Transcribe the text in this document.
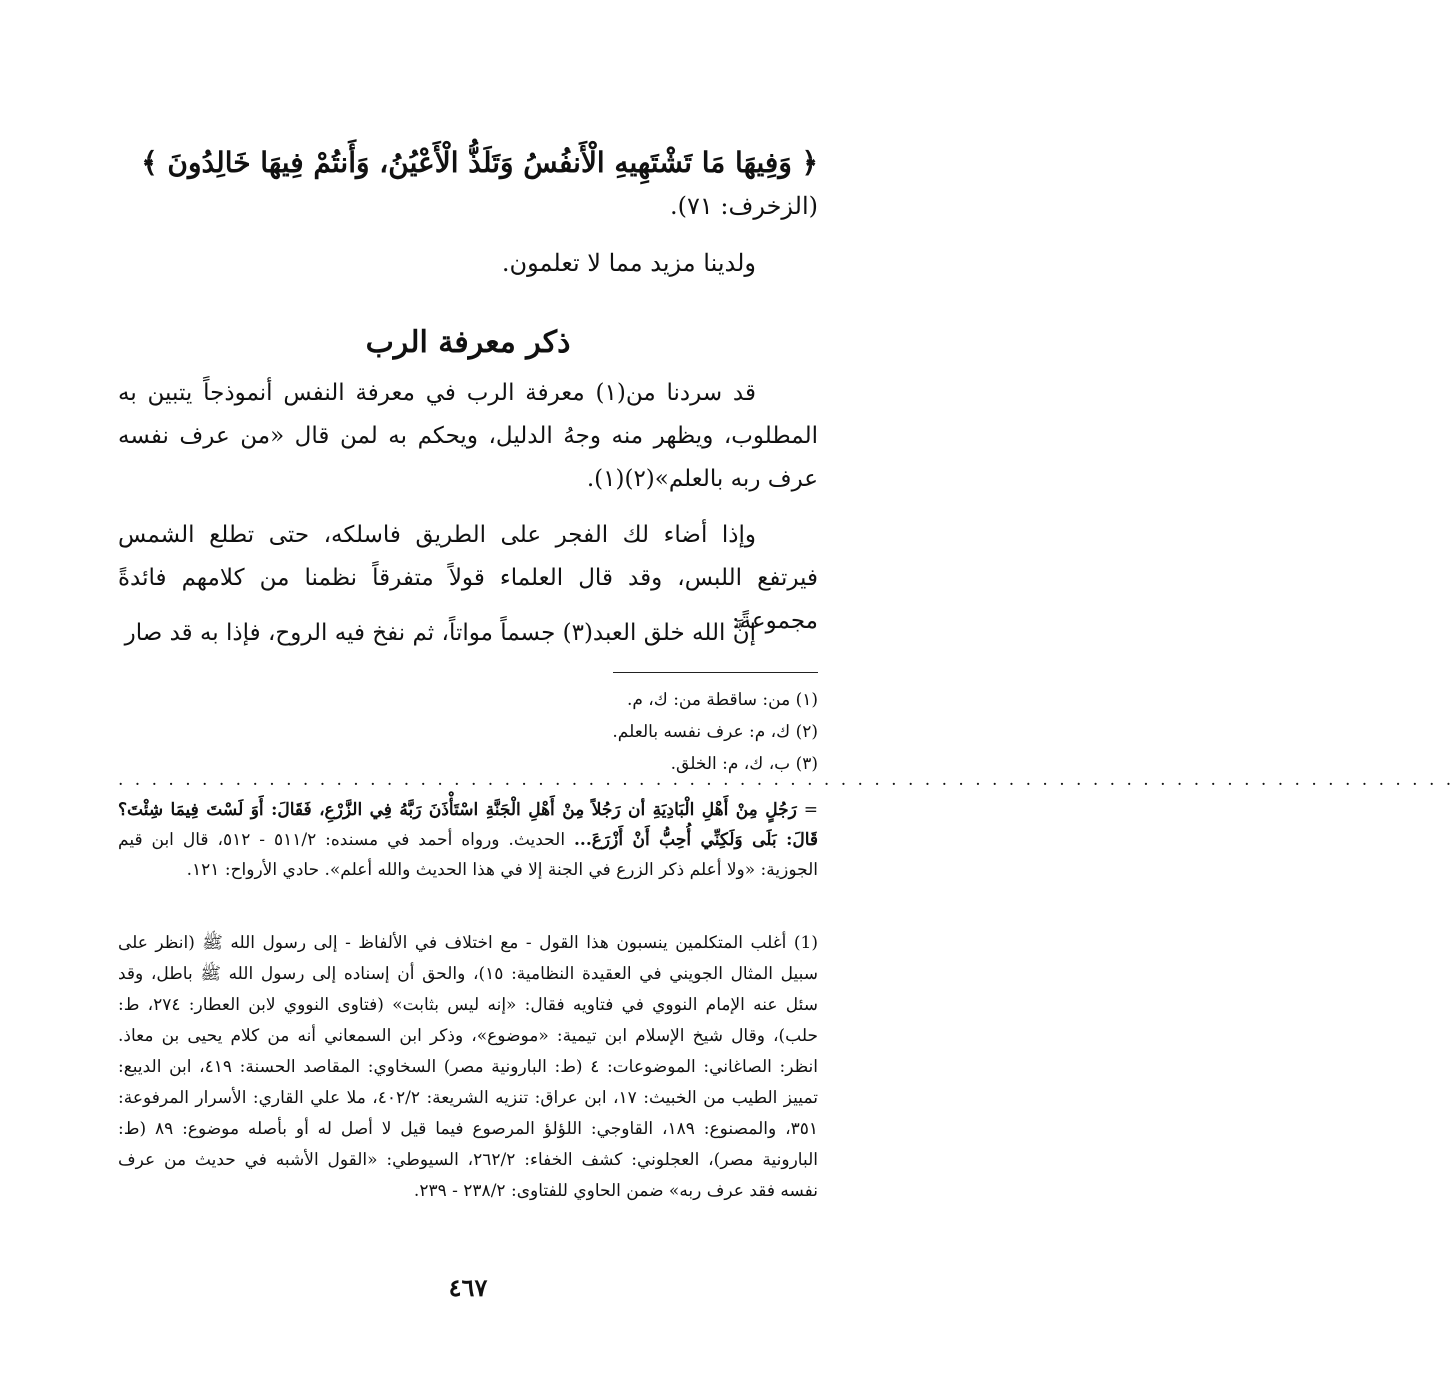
﴿ وَفِيهَا مَا تَشْتَهِيهِ الْأَنفُسُ وَتَلَذُّ الْأَعْيُنُ، وَأَنتُمْ فِيهَا خَالِدُونَ ﴾
(الزخرف: ٧١).
ولدينا مزيد مما لا تعلمون.
ذكر معرفة الرب
قد سردنا من(١) معرفة الرب في معرفة النفس أنموذجاً يتبين به المطلوب، ويظهر منه وجهُ الدليل، ويحكم به لمن قال «من عرف نفسه عرف ربه بالعلم»(٢)(١).
وإذا أضاء لك الفجر على الطريق فاسلكه، حتى تطلع الشمس فيرتفع اللبس، وقد قال العلماء قولاً متفرقاً نظمنا من كلامهم فائدةً مجموعةً:
إنَّ الله خلق العبد(٣) جسماً مواتاً، ثم نفخ فيه الروح، فإذا به قد صار
(١) من: ساقطة من: ك، م.
(٢) ك، م: عرف نفسه بالعلم.
(٣) ب، ك، م: الخلق.
. . . . . . . . . . . . . . . . . . . . . . . . . . . . . . . . . . . . . . . . . . . . . . . . . . . . . . . . . . . . . . . . . . . . . . . . . . . . . . . .
= رَجُلٍ مِنْ أَهْلِ الْبَادِيَةِ أن رَجُلاً مِنْ أَهْلِ الْجَنَّةِ اسْتَأْذَنَ رَبَّهُ فِي الزَّرْعِ، فَقَالَ: أَوَ لَسْتَ فِيمَا شِئْتَ؟ قَالَ: بَلَى وَلَكِنِّي أُحِبُّ أَنْ أَزْرَعَ... الحديث. ورواه أحمد في مسنده: ٥١١/٢ - ٥١٢، قال ابن قيم الجوزية: «ولا أعلم ذكر الزرع في الجنة إلا في هذا الحديث والله أعلم». حادي الأرواح: ١٢١.
(1) أغلب المتكلمين ينسبون هذا القول - مع اختلاف في الألفاظ - إلى رسول الله ﷺ (انظر على سبيل المثال الجويني في العقيدة النظامية: ١٥)، والحق أن إسناده إلى رسول الله ﷺ باطل، وقد سئل عنه الإمام النووي في فتاويه فقال: «إنه ليس بثابت» (فتاوى النووي لابن العطار: ٢٧٤، ط: حلب)، وقال شيخ الإسلام ابن تيمية: «موضوع»، وذكر ابن السمعاني أنه من كلام يحيى بن معاذ. انظر: الصاغاني: الموضوعات: ٤ (ط: البارونية مصر) السخاوي: المقاصد الحسنة: ٤١٩، ابن الديبع: تمييز الطيب من الخبيث: ١٧، ابن عراق: تنزيه الشريعة: ٤٠٢/٢، ملا علي القاري: الأسرار المرفوعة: ٣٥١، والمصنوع: ١٨٩، القاوجي: اللؤلؤ المرصوع فيما قيل لا أصل له أو بأصله موضوع: ٨٩ (ط: البارونية مصر)، العجلوني: كشف الخفاء: ٢٦٢/٢، السيوطي: «القول الأشبه في حديث من عرف نفسه فقد عرف ربه» ضمن الحاوي للفتاوى: ٢٣٨/٢ - ٢٣٩.
٤٦٧
